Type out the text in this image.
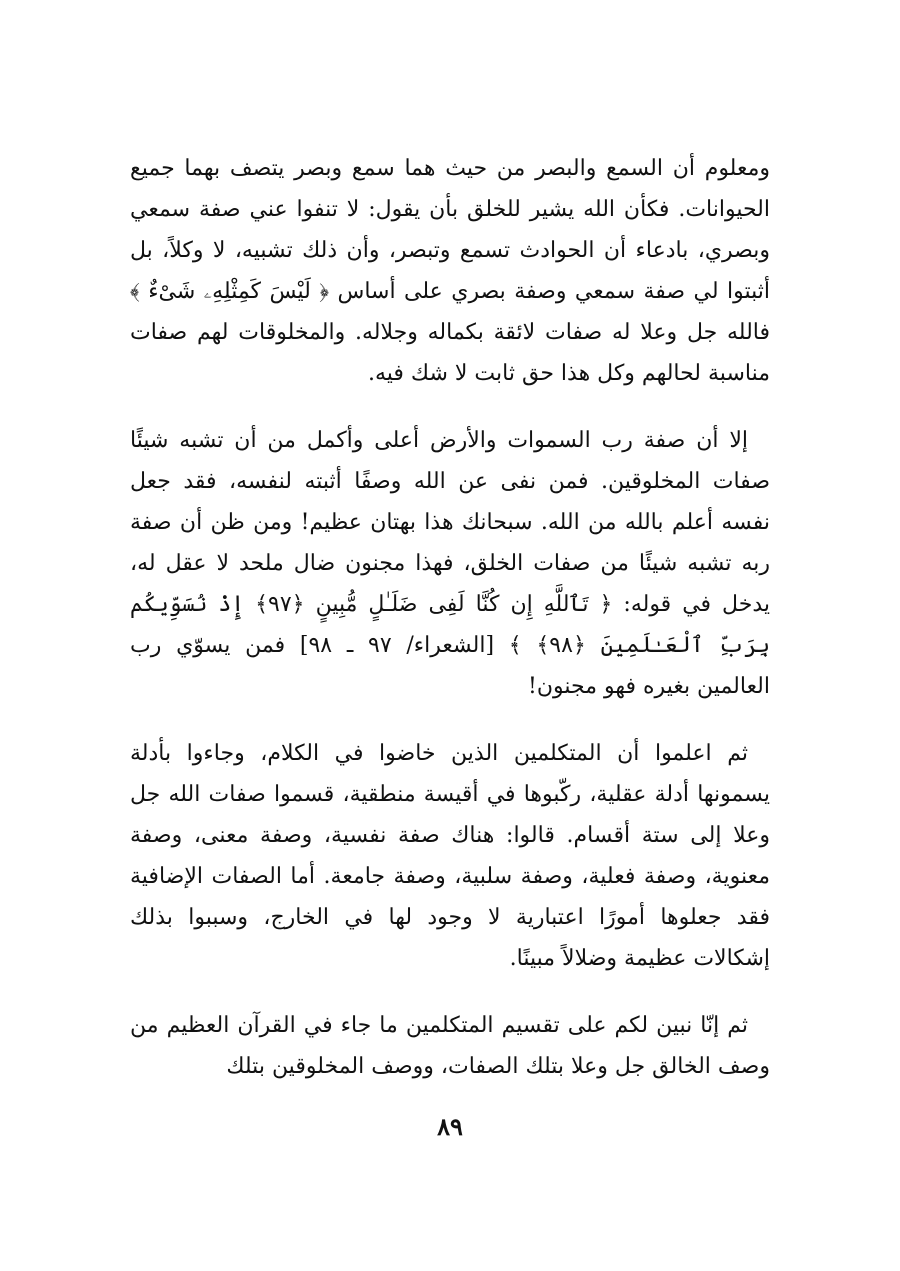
ومعلوم أن السمع والبصر من حيث هما سمع وبصر يتصف بهما جميع الحيوانات. فكأن الله يشير للخلق بأن يقول: لا تنفوا عني صفة سمعي وبصري، بادعاء أن الحوادث تسمع وتبصر، وأن ذلك تشبيه، لا وكلاً، بل أثبتوا لي صفة سمعي وصفة بصري على أساس ﴿ لَيْسَ كَمِثْلِهِۦ شَىْءٌ ﴾ فالله جل وعلا له صفات لائقة بكماله وجلاله. والمخلوقات لهم صفات مناسبة لحالهم وكل هذا حق ثابت لا شك فيه.

إلا أن صفة رب السموات والأرض أعلى وأكمل من أن تشبه شيئًا صفات المخلوقين. فمن نفى عن الله وصفًا أثبته لنفسه، فقد جعل نفسه أعلم بالله من الله. سبحانك هذا بهتان عظيم! ومن ظن أن صفة ربه تشبه شيئًا من صفات الخلق، فهذا مجنون ضال ملحد لا عقل له، يدخل في قوله: ﴿ تَٱللَّهِ إِن كُنَّا لَفِى ضَلَـٰلٍ مُّبِينٍ ﴿٩٧﴾ إِذْ نُسَوِّيكُم بِرَبِّ ٱلْعَـٰلَمِينَ ﴿٩٨﴾ ﴾ [الشعراء/ ٩٧ ـ ٩٨] فمن يسوّي رب العالمين بغيره فهو مجنون!

ثم اعلموا أن المتكلمين الذين خاضوا في الكلام، وجاءوا بأدلة يسمونها أدلة عقلية، ركّبوها في أقيسة منطقية، قسموا صفات الله جل وعلا إلى ستة أقسام. قالوا: هناك صفة نفسية، وصفة معنى، وصفة معنوية، وصفة فعلية، وصفة سلبية، وصفة جامعة. أما الصفات الإضافية فقد جعلوها أمورًا اعتبارية لا وجود لها في الخارج، وسببوا بذلك إشكالات عظيمة وضلالاً مبينًا.

ثم إنّا نبين لكم على تقسيم المتكلمين ما جاء في القرآن العظيم من وصف الخالق جل وعلا بتلك الصفات، ووصف المخلوقين بتلك

٨٩
